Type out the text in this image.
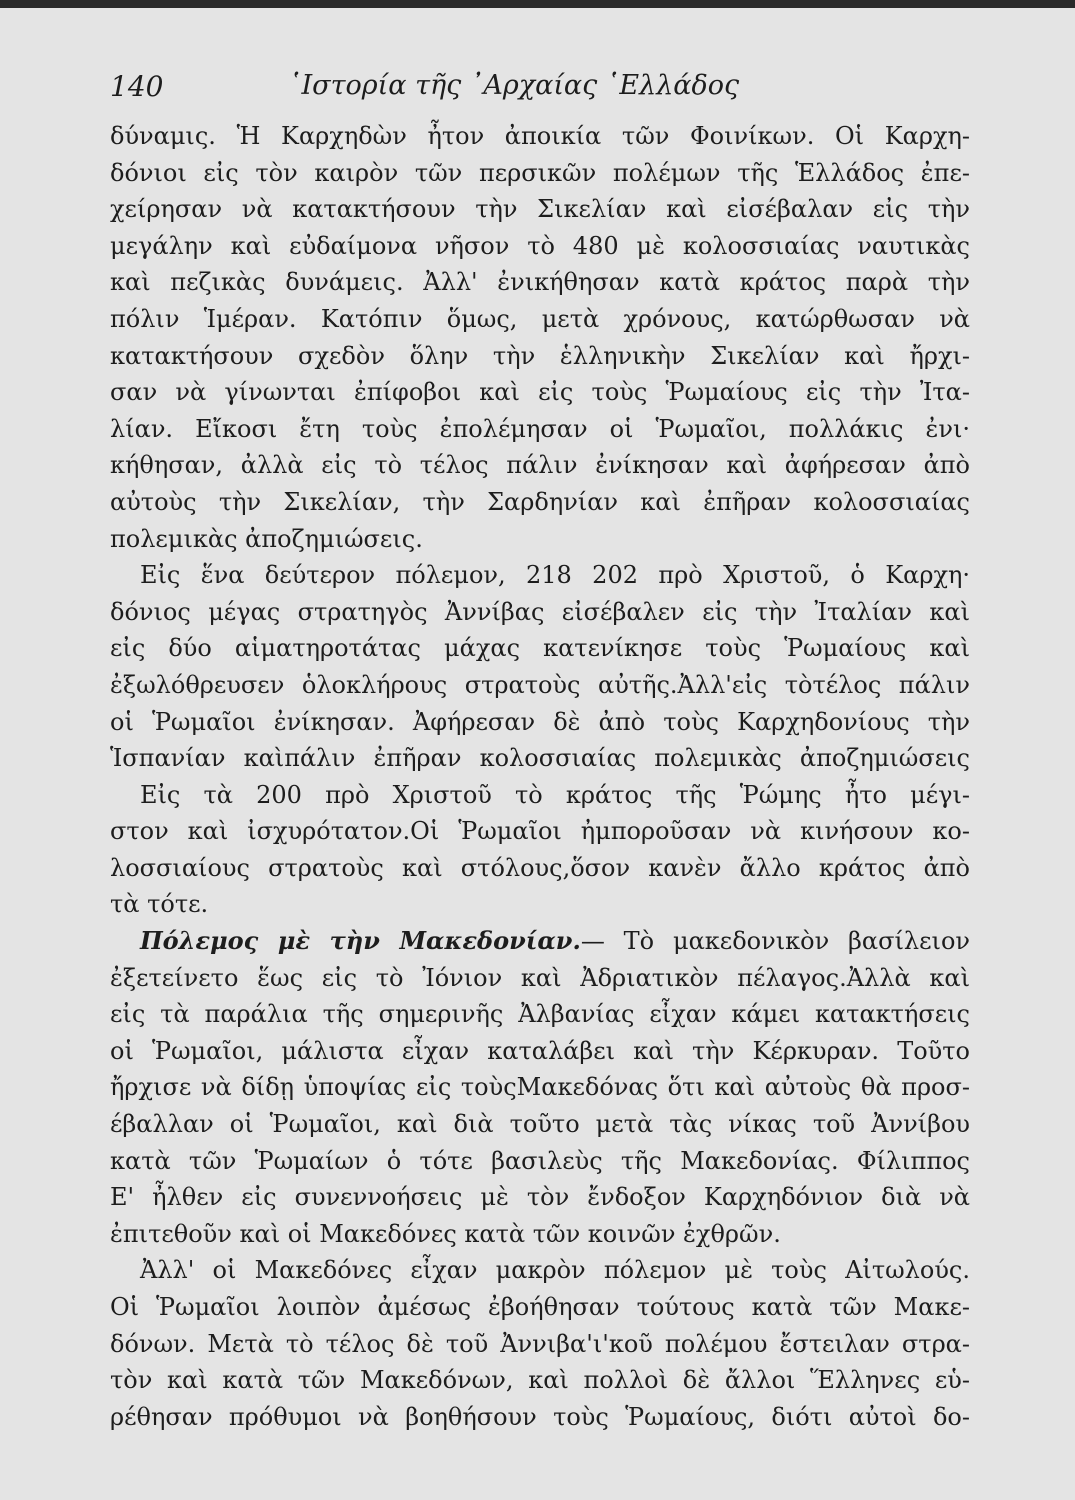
140	῾Ιστορία τῆς ᾿Αρχαίας ῾Ελλάδος
δύναμις. Ἡ Καρχηδὼν ἦτον ἀποικία τῶν Φοινίκων. Οἱ Καρχη-
δόνιοι εἰς τὸν καιρὸν τῶν περσικῶν πολέμων τῆς Ἑλλάδος ἐπε-
χείρησαν νὰ κατακτήσουν τὴν Σικελίαν καὶ εἰσέβαλαν εἰς τὴν
μεγάλην καὶ εὐδαίμονα νῆσον τὸ 480 μὲ κολοσσιαίας ναυτικὰς
καὶ πεζικὰς δυνάμεις. Ἀλλ' ἐνικήθησαν κατὰ κράτος παρὰ τὴν
πόλιν Ἱμέραν. Κατόπιν ὅμως, μετὰ χρόνους, κατώρθωσαν νὰ
κατακτήσουν σχεδὸν ὅλην τὴν ἑλληνικὴν Σικελίαν καὶ ἤρχι-
σαν νὰ γίνωνται ἐπίφοβοι καὶ εἰς τοὺς Ῥωμαίους εἰς τὴν Ἰτα-
λίαν. Εἴκοσι ἔτη τοὺς ἐπολέμησαν οἱ Ῥωμαῖοι, πολλάκις ἐνι·
κήθησαν, ἀλλὰ εἰς τὸ τέλος πάλιν ἐνίκησαν καὶ ἀφήρεσαν ἀπὸ
αὐτοὺς τὴν Σικελίαν, τὴν Σαρδηνίαν καὶ ἐπῆραν κολοσσιαίας
πολεμικὰς ἀποζημιώσεις.
Εἰς ἕνα δεύτερον πόλεμον, 218 202 πρὸ Χριστοῦ, ὁ Καρχη·
δόνιος μέγας στρατηγὸς Ἀννίβας εἰσέβαλεν εἰς τὴν Ἰταλίαν καὶ
εἰς δύο αἱματηροτάτας μάχας κατενίκησε τοὺς Ῥωμαίους καὶ
ἐξωλόθρευσεν ὁλοκλήρους στρατοὺς αὐτῆς.Ἀλλ'εἰς τὸτέλος πάλιν
οἱ Ῥωμαῖοι ἐνίκησαν. Ἀφήρεσαν δὲ ἀπὸ τοὺς Καρχηδονίους τὴν
Ἱσπανίαν καὶπάλιν ἐπῆραν κολοσσιαίας πολεμικὰς ἀποζημιώσεις
Εἰς τὰ 200 πρὸ Χριστοῦ τὸ κράτος τῆς Ῥώμης ἦτο μέγι-
στον καὶ ἰσχυρότατον.Οἱ Ῥωμαῖοι ἠμποροῦσαν νὰ κινήσουν κο-
λοσσιαίους στρατοὺς καὶ στόλους,ὅσον κανὲν ἄλλο κράτος ἀπὸ
τὰ τότε.
Πόλεμος μὲ τὴν Μακεδονίαν.— Τὸ μακεδονικὸν βασίλειον
ἐξετείνετο ἕως εἰς τὸ Ἰόνιον καὶ Ἀδριατικὸν πέλαγος.Ἀλλὰ καὶ
εἰς τὰ παράλια τῆς σημερινῆς Ἀλβανίας εἶχαν κάμει κατακτήσεις
οἱ Ῥωμαῖοι, μάλιστα εἶχαν καταλάβει καὶ τὴν Κέρκυραν. Τοῦτο
ἤρχισε νὰ δίδῃ ὑποψίας εἰς τοὺςΜακεδόνας ὅτι καὶ αὐτοὺς θὰ προσ-
έβαλλαν οἱ Ῥωμαῖοι, καὶ διὰ τοῦτο μετὰ τὰς νίκας τοῦ Ἀννίβου
κατὰ τῶν Ῥωμαίων ὁ τότε βασιλεὺς τῆς Μακεδονίας. Φίλιππος
Ε' ἦλθεν εἰς συνεννοήσεις μὲ τὸν ἔνδοξον Καρχηδόνιον διὰ νὰ
ἐπιτεθοῦν καὶ οἱ Μακεδόνες κατὰ τῶν κοινῶν ἐχθρῶν.
Ἀλλ' οἱ Μακεδόνες εἶχαν μακρὸν πόλεμον μὲ τοὺς Αἰτωλούς.
Οἱ Ῥωμαῖοι λοιπὸν ἀμέσως ἐβοήθησαν τούτους κατὰ τῶν Μακε-
δόνων. Μετὰ τὸ τέλος δὲ τοῦ Ἀννιβα'ι'κοῦ πολέμου ἔστειλαν στρα-
τὸν καὶ κατὰ τῶν Μακεδόνων, καὶ πολλοὶ δὲ ἄλλοι Ἕλληνες εὑ-
ρέθησαν πρόθυμοι νὰ βοηθήσουν τοὺς Ῥωμαίους, διότι αὐτοὶ δο-
